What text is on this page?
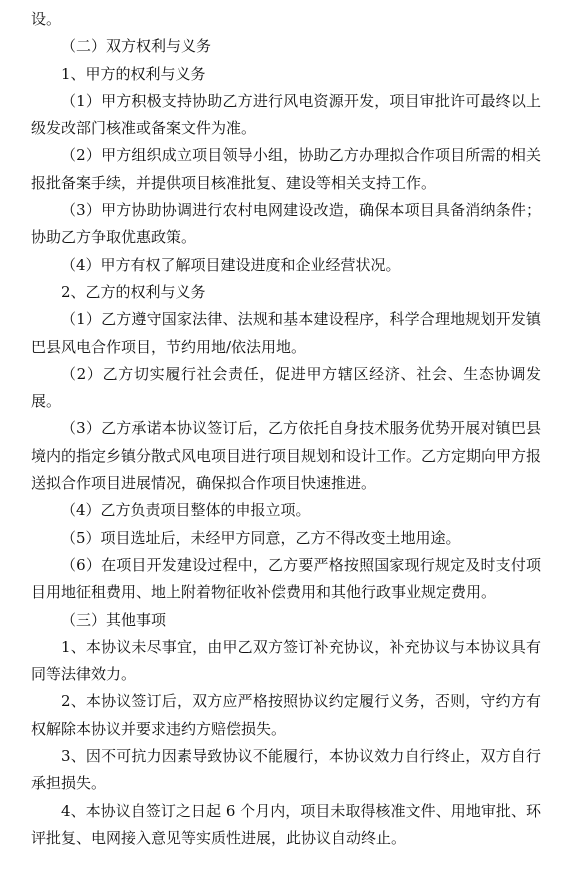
设。

（二）双方权利与义务

1、甲方的权利与义务

（1）甲方积极支持协助乙方进行风电资源开发，项目审批许可最终以上级发改部门核准或备案文件为准。

（2）甲方组织成立项目领导小组，协助乙方办理拟合作项目所需的相关报批备案手续，并提供项目核准批复、建设等相关支持工作。

（3）甲方协助协调进行农村电网建设改造，确保本项目具备消纳条件；协助乙方争取优惠政策。

（4）甲方有权了解项目建设进度和企业经营状况。

2、乙方的权利与义务

（1）乙方遵守国家法律、法规和基本建设程序，科学合理地规划开发镇巴县风电合作项目，节约用地/依法用地。

（2）乙方切实履行社会责任，促进甲方辖区经济、社会、生态协调发展。

（3）乙方承诺本协议签订后，乙方依托自身技术服务优势开展对镇巴县境内的指定乡镇分散式风电项目进行项目规划和设计工作。乙方定期向甲方报送拟合作项目进展情况，确保拟合作项目快速推进。

（4）乙方负责项目整体的申报立项。

（5）项目选址后，未经甲方同意，乙方不得改变土地用途。

（6）在项目开发建设过程中，乙方要严格按照国家现行规定及时支付项目用地征租费用、地上附着物征收补偿费用和其他行政事业规定费用。

（三）其他事项

1、本协议未尽事宜，由甲乙双方签订补充协议，补充协议与本协议具有同等法律效力。

2、本协议签订后，双方应严格按照协议约定履行义务，否则，守约方有权解除本协议并要求违约方赔偿损失。

3、因不可抗力因素导致协议不能履行，本协议效力自行终止，双方自行承担损失。

4、本协议自签订之日起 6 个月内，项目未取得核准文件、用地审批、环评批复、电网接入意见等实质性进展，此协议自动终止。
